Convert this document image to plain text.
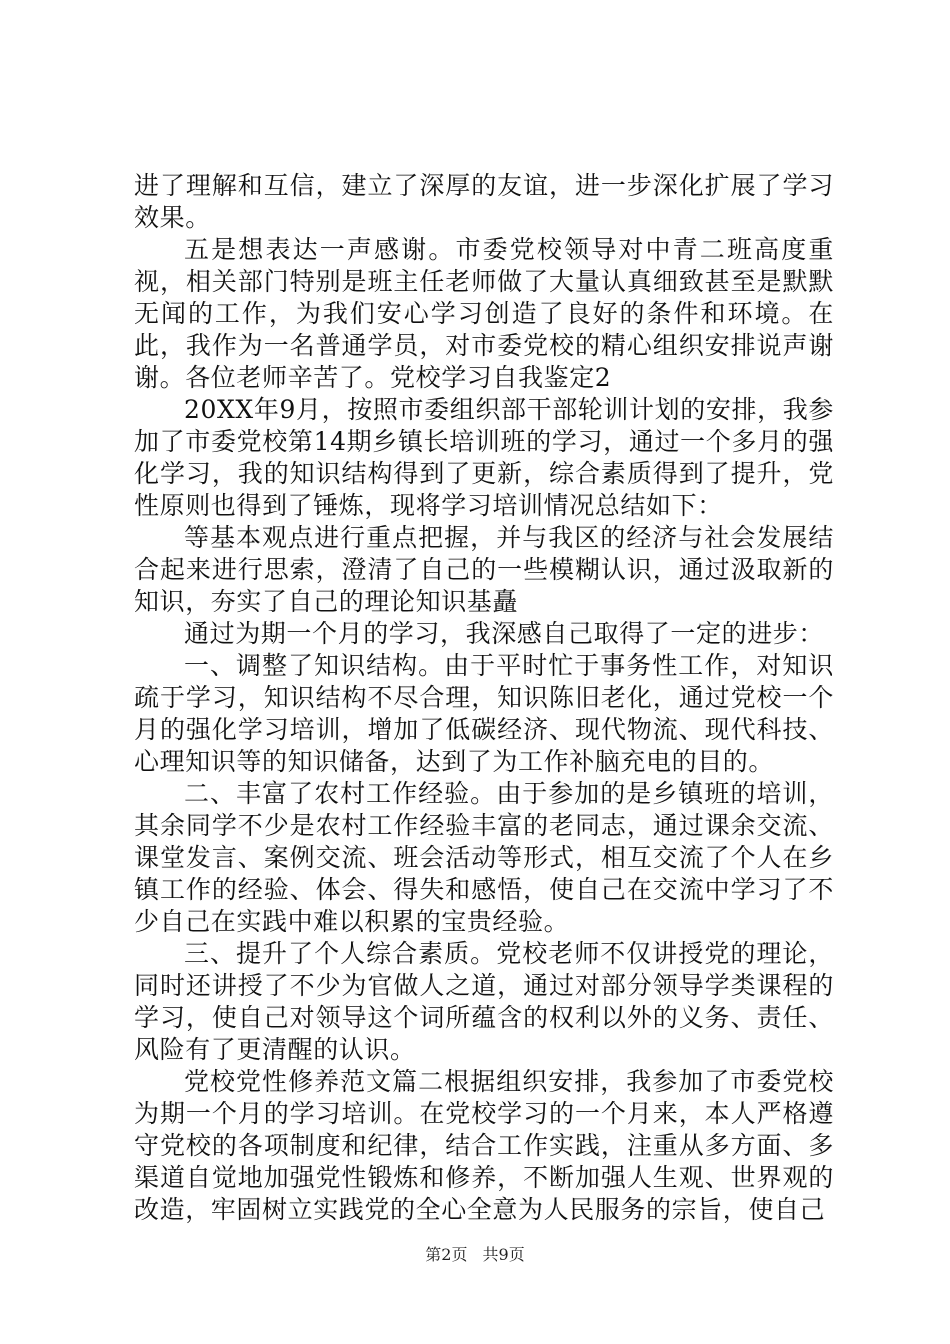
进了理解和互信，建立了深厚的友谊，进一步深化扩展了学习效果。

五是想表达一声感谢。市委党校领导对中青二班高度重视，相关部门特别是班主任老师做了大量认真细致甚至是默默无闻的工作，为我们安心学习创造了良好的条件和环境。在此，我作为一名普通学员，对市委党校的精心组织安排说声谢谢。各位老师辛苦了。党校学习自我鉴定2

20XX年9月，按照市委组织部干部轮训计划的安排，我参加了市委党校第14期乡镇长培训班的学习，通过一个多月的强化学习，我的知识结构得到了更新，综合素质得到了提升，党性原则也得到了锤炼，现将学习培训情况总结如下：

等基本观点进行重点把握，并与我区的经济与社会发展结合起来进行思索，澄清了自己的一些模糊认识，通过汲取新的知识，夯实了自己的理论知识基矗

通过为期一个月的学习，我深感自己取得了一定的进步：

一、调整了知识结构。由于平时忙于事务性工作，对知识疏于学习，知识结构不尽合理，知识陈旧老化，通过党校一个月的强化学习培训，增加了低碳经济、现代物流、现代科技、心理知识等的知识储备，达到了为工作补脑充电的目的。

二、丰富了农村工作经验。由于参加的是乡镇班的培训，其余同学不少是农村工作经验丰富的老同志，通过课余交流、课堂发言、案例交流、班会活动等形式，相互交流了个人在乡镇工作的经验、体会、得失和感悟，使自己在交流中学习了不少自己在实践中难以积累的宝贵经验。

三、提升了个人综合素质。党校老师不仅讲授党的理论，同时还讲授了不少为官做人之道，通过对部分领导学类课程的学习，使自己对领导这个词所蕴含的权利以外的义务、责任、风险有了更清醒的认识。

党校党性修养范文篇二根据组织安排，我参加了市委党校为期一个月的学习培训。在党校学习的一个月来，本人严格遵守党校的各项制度和纪律，结合工作实践，注重从多方面、多渠道自觉地加强党性锻炼和修养，不断加强人生观、世界观的改造，牢固树立实践党的全心全意为人民服务的宗旨，使自己

第2页 共9页
